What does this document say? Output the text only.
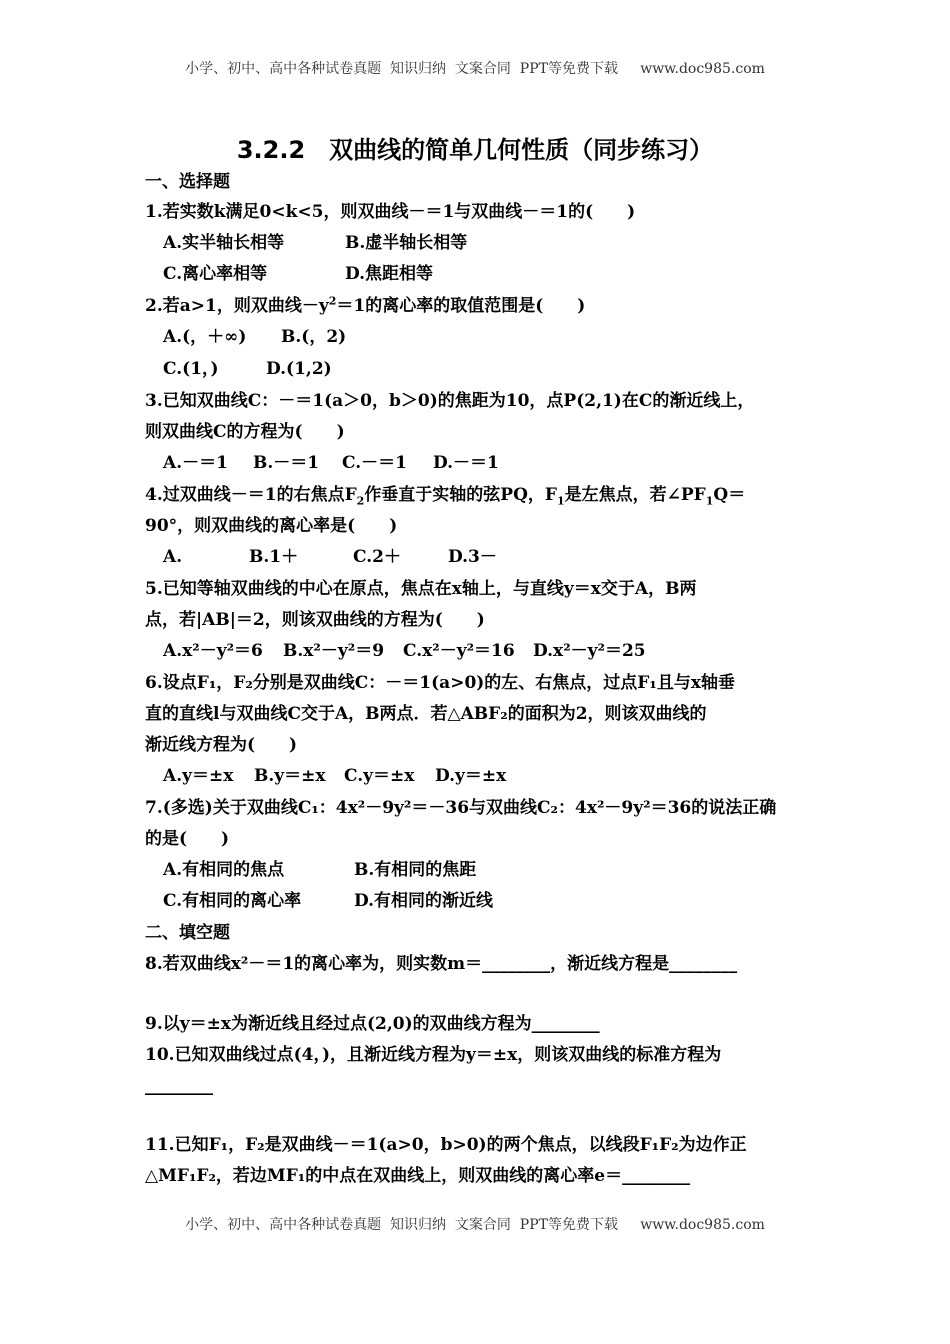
小学、初中、高中各种试卷真题  知识归纳  文案合同  PPT等免费下载     www.doc985.com
3.2.2　双曲线的简单几何性质（同步练习）
一、选择题
1.若实数k满足0<k<5，则双曲线－＝1与双曲线－＝1的(　　)
A.实半轴长相等	B.虚半轴长相等
C.离心率相等	D.焦距相等
2.若a>1，则双曲线$-y^2=1$的离心率的取值范围是(　　)
A.(，＋∞) B.(，2)
C.(1，)	D.(1,2)
3.已知双曲线C：－＝1(a＞0，b＞0)的焦距为10，点P(2,1)在C的渐近线上，
则双曲线C的方程为(　　)
A.－＝1 B.－＝1 C.－＝1 D.－＝1
4.过双曲线－＝1的右焦点$F_2$作垂直于实轴的弦PQ，$F_1$是左焦点，若$\angle PF_1Q=$
90°，则双曲线的离心率是(　　)
A.	B.1＋	C.2＋	D.3－
5.已知等轴双曲线的中心在原点，焦点在x轴上，与直线y＝x交于A，B两
点，若|AB|＝2，则该双曲线的方程为(　　)
A.x²－y²＝6 B.x²－y²＝9 C.x²－y²＝16 D.x²－y²＝25
6.设点F₁，F₂分别是双曲线C：－＝1(a>0)的左、右焦点，过点F₁且与x轴垂
直的直线l与双曲线C交于A，B两点．若△ABF₂的面积为2，则该双曲线的
渐近线方程为(　　)
A.y＝±x B.y＝±x C.y＝±x D.y＝±x
7.(多选)关于双曲线C₁：4x²－9y²＝－36与双曲线C₂：4x²－9y²＝36的说法正确
的是(　　)
A.有相同的焦点	B.有相同的焦距
C.有相同的离心率	D.有相同的渐近线
二、填空题
8.若双曲线x²－＝1的离心率为，则实数m＝________，渐近线方程是________
9.以y＝±x为渐近线且经过点(2,0)的双曲线方程为________
10.已知双曲线过点(4，)，且渐近线方程为y＝±x，则该双曲线的标准方程为
________
11.已知F₁，F₂是双曲线－＝1(a>0，b>0)的两个焦点，以线段F₁F₂为边作正
△MF₁F₂，若边MF₁的中点在双曲线上，则双曲线的离心率e＝________
小学、初中、高中各种试卷真题  知识归纳  文案合同  PPT等免费下载     www.doc985.com
